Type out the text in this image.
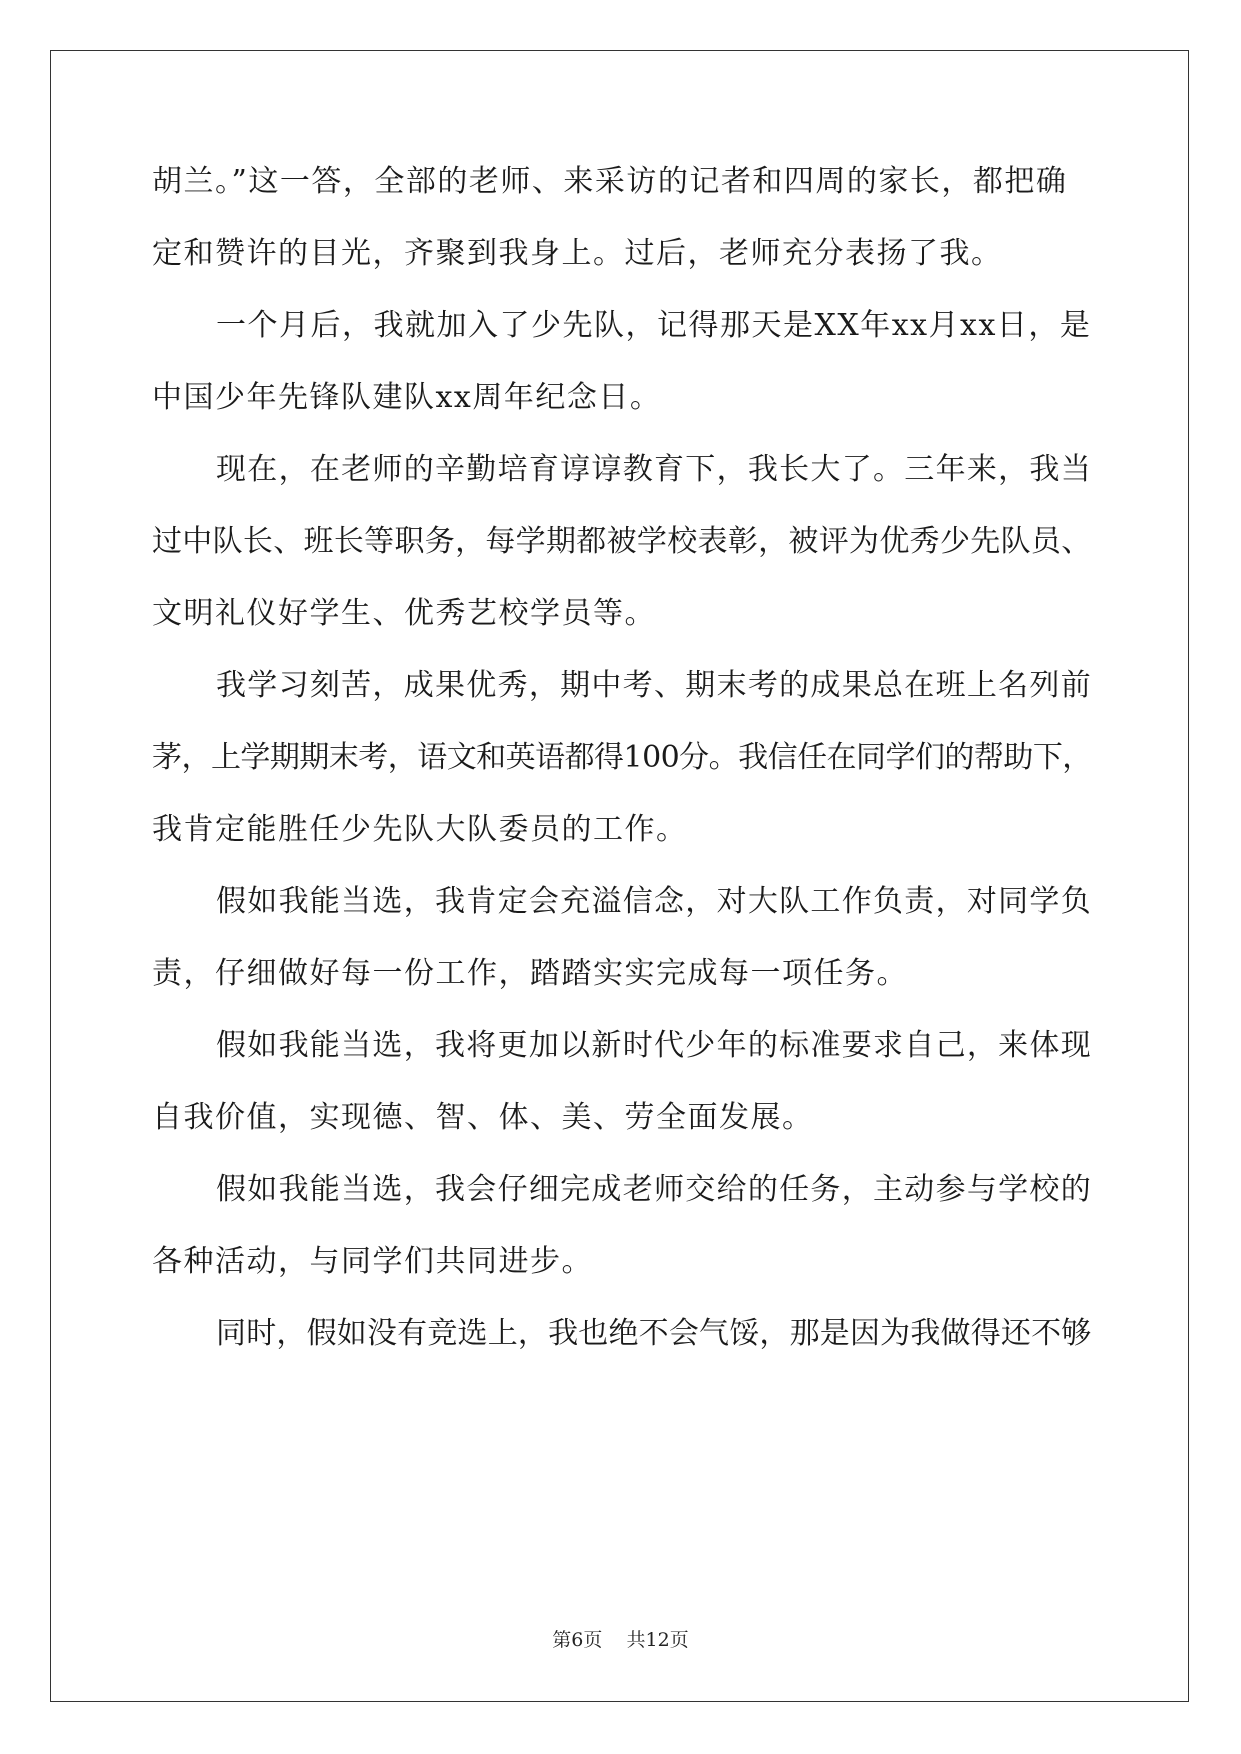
胡兰。”这一答，全部的老师、来采访的记者和四周的家长，都把确
定和赞许的目光，齐聚到我身上。过后，老师充分表扬了我。
一个月后，我就加入了少先队，记得那天是XX年xx月xx日，是
中国少年先锋队建队xx周年纪念日。
现在，在老师的辛勤培育谆谆教育下，我长大了。三年来，我当
过中队长、班长等职务，每学期都被学校表彰，被评为优秀少先队员、
文明礼仪好学生、优秀艺校学员等。
我学习刻苦，成果优秀，期中考、期末考的成果总在班上名列前
茅，上学期期末考，语文和英语都得100分。我信任在同学们的帮助下，
我肯定能胜任少先队大队委员的工作。
假如我能当选，我肯定会充溢信念，对大队工作负责，对同学负
责，仔细做好每一份工作，踏踏实实完成每一项任务。
假如我能当选，我将更加以新时代少年的标准要求自己，来体现
自我价值，实现德、智、体、美、劳全面发展。
假如我能当选，我会仔细完成老师交给的任务，主动参与学校的
各种活动，与同学们共同进步。
同时，假如没有竞选上，我也绝不会气馁，那是因为我做得还不够
第6页 共12页
